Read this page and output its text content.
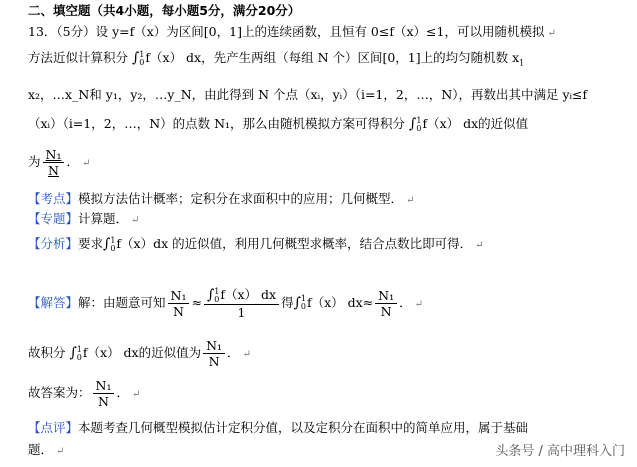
二、填空题（共4小题，每小题5分，满分20分）
13．（5分）设 y=f（x）为区间[0，1]上的连续函数，且恒有 0≤f（x）≤1，可以用随机模拟 ↵
方法近似计算积分 ∫ 1
0 f（x） dx，先产生两组（每组 N 个）区间[0，1]上的均匀随机数 $x_1$
x₂，…x_N和 y₁，y₂，…y_N，由此得到 N 个点（xᵢ，yᵢ）（i=1，2，…，N），再数出其中满足 yᵢ≤f
（xᵢ）（i=1，2，…，N）的点数 N₁，那么由随机模拟方案可得积分 ∫ 1
0 f（x） dx的近似值
为 $\frac{\text{N₁}}{N}$ ． ↵
【考点】模拟方法估计概率；定积分在求面积中的应用；几何概型． ↵
【专题】计算题． ↵
【分析】要求∫ 1
0 f（x）dx 的近似值，利用几何概型求概率，结合点数比即可得． ↵
【解答】解：由题意可知 $\frac{\text{N₁}}{N}$ ≈ ∫ 1
0 f（x） dx
1 得∫ 1
0 f（x） $dx\approx \frac{\text{N₁}}{N}$ ． ↵
故积分 ∫ 1
0 f（x） dx的近似值为 $\frac{\text{N₁}}{N}$ ． ↵
故答案为： $\frac{\text{N₁}}{N}$ ． ↵
【点评】本题考查几何概型模拟估计定积分值，以及定积分在面积中的简单应用，属于基础
题． ↵	头条号 / 高中理科入门
